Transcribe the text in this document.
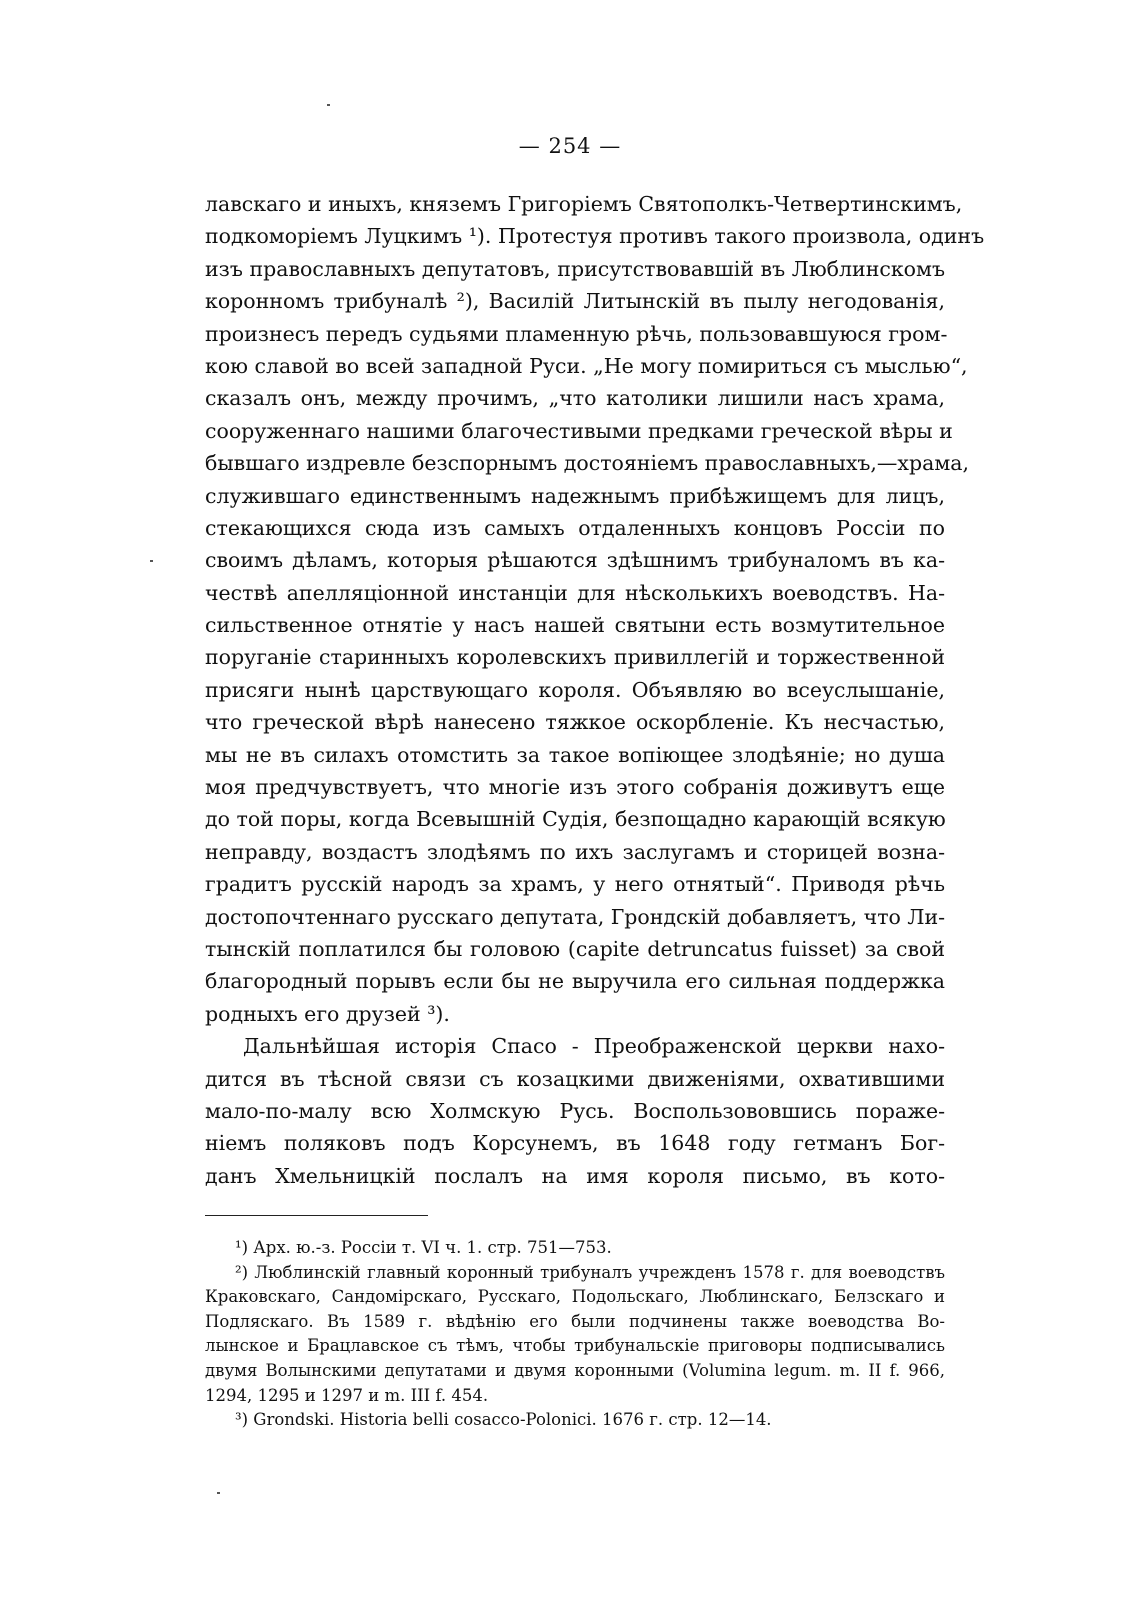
— 254 —
лавскаго и иныхъ, княземъ Григоріемъ Святополкъ-Четвертинскимъ,
подкоморіемъ Луцкимъ ¹). Протестуя противъ такого произвола, одинъ
изъ православныхъ депутатовъ, присутствовавшій въ Люблинскомъ
коронномъ трибуналѣ ²), Василій Литынскій въ пылу негодованія,
произнесъ передъ судьями пламенную рѣчь, пользовавшуюся гром-
кою славой во всей западной Руси. „Не могу помириться съ мыслью“,
сказалъ онъ, между прочимъ, „что католики лишили насъ храма,
сооруженнаго нашими благочестивыми предками греческой вѣры и
бывшаго издревле безспорнымъ достояніемъ православныхъ,—храма,
служившаго единственнымъ надежнымъ прибѣжищемъ для лицъ,
стекающихся сюда изъ самыхъ отдаленныхъ концовъ Россіи по
своимъ дѣламъ, которыя рѣшаются здѣшнимъ трибуналомъ въ ка-
чествѣ апелляціонной инстанціи для нѣсколькихъ воеводствъ. На-
сильственное отнятіе у насъ нашей святыни есть возмутительное
поруганіе старинныхъ королевскихъ привиллегій и торжественной
присяги нынѣ царствующаго короля. Объявляю во всеуслышаніе,
что греческой вѣрѣ нанесено тяжкое оскорбленіе. Къ несчастью,
мы не въ силахъ отомстить за такое вопіющее злодѣяніе; но душа
моя предчувствуетъ, что многіе изъ этого собранія доживутъ еще
до той поры, когда Всевышній Судія, безпощадно карающій всякую
неправду, воздастъ злодѣямъ по ихъ заслугамъ и сторицей возна-
градитъ русскій народъ за храмъ, у него отнятый“. Приводя рѣчь
достопочтеннаго русскаго депутата, Грондскій добавляетъ, что Ли-
тынскій поплатился бы головою (capite detruncatus fuisset) за свой
благородный порывъ если бы не выручила его сильная поддержка
родныхъ его друзей ³).
Дальнѣйшая исторія Спасо - Преображенской церкви нахо-
дится въ тѣсной связи съ козацкими движеніями, охватившими
мало-по-малу всю Холмскую Русь. Воспользововшись пораже-
ніемъ поляковъ подъ Корсунемъ, въ 1648 году гетманъ Бог-
данъ Хмельницкій послалъ на имя короля письмо, въ кото-
¹) Арх. ю.-з. Россіи т. VI ч. 1. стр. 751—753.
²) Люблинскій главный коронный трибуналъ учрежденъ 1578 г. для воеводствъ
Краковскаго, Сандомірскаго, Русскаго, Подольскаго, Люблинскаго, Белзскаго и
Подляскаго. Въ 1589 г. вѣдѣнію его были подчинены также воеводства Во-
лынское и Брацлавское съ тѣмъ, чтобы трибунальскіе приговоры подписывались
двумя Волынскими депутатами и двумя коронными (Volumina legum. m. II f. 966,
1294, 1295 и 1297 и m. III f. 454.
³) Grondski. Historia belli cosacco-Polonici. 1676 г. стр. 12—14.
